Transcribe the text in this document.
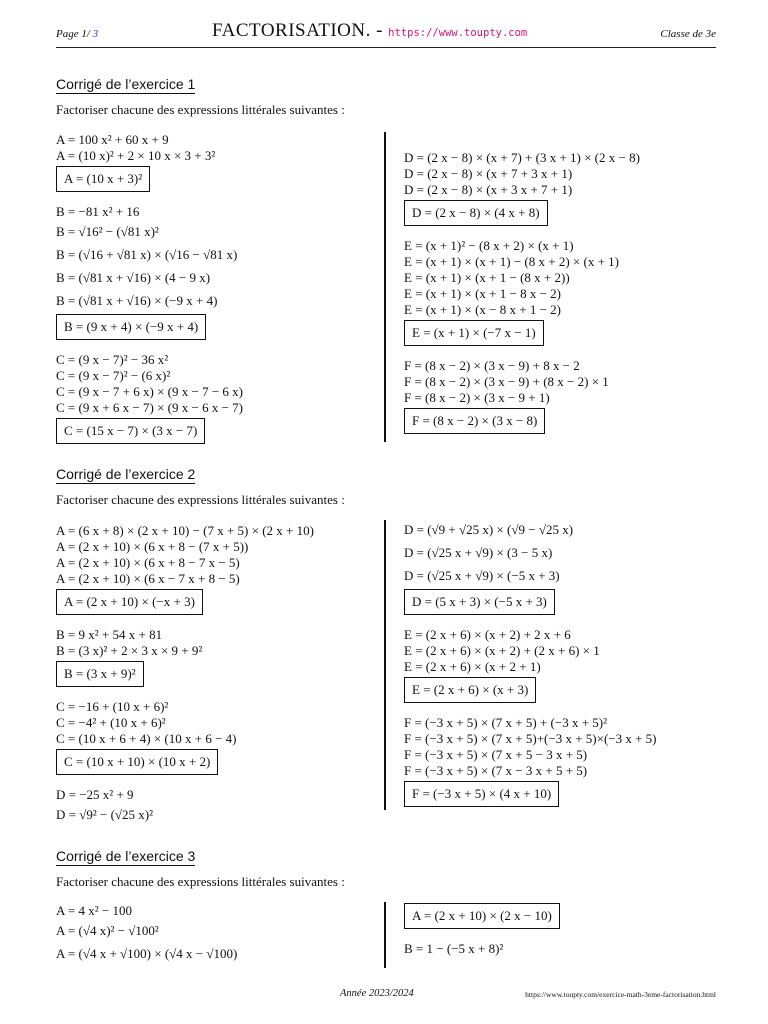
Page 1/ 3	FACTORISATION. - https://www.toupty.com	Classe de 3e
Corrigé de l’exercice 1
Factoriser chacune des expressions littérales suivantes :
A = 100 x² + 60 x + 9
A = (10 x)² + 2 × 10 x × 3 + 3²
A = (10 x + 3)²
B = −81 x² + 16
B = √16² − (√81 x)²
B = (√16 + √81 x) × (√16 − √81 x)
B = (√81 x + √16) × (4 − 9 x)
B = (√81 x + √16) × (−9 x + 4)
B = (9 x + 4) × (−9 x + 4)
C = (9 x − 7)² − 36 x²
C = (9 x − 7)² − (6 x)²
C = (9 x − 7 + 6 x) × (9 x − 7 − 6 x)
C = (9 x + 6 x − 7) × (9 x − 6 x − 7)
C = (15 x − 7) × (3 x − 7)
D = (2 x − 8) × (x + 7) + (3 x + 1) × (2 x − 8)
D = (2 x − 8) × (x + 7 + 3 x + 1)
D = (2 x − 8) × (x + 3 x + 7 + 1)
D = (2 x − 8) × (4 x + 8)
E = (x + 1)² − (8 x + 2) × (x + 1)
E = (x + 1) × (x + 1) − (8 x + 2) × (x + 1)
E = (x + 1) × (x + 1 − (8 x + 2))
E = (x + 1) × (x + 1 − 8 x − 2)
E = (x + 1) × (x − 8 x + 1 − 2)
E = (x + 1) × (−7 x − 1)
F = (8 x − 2) × (3 x − 9) + 8 x − 2
F = (8 x − 2) × (3 x − 9) + (8 x − 2) × 1
F = (8 x − 2) × (3 x − 9 + 1)
F = (8 x − 2) × (3 x − 8)
Corrigé de l’exercice 2
Factoriser chacune des expressions littérales suivantes :
A = (6 x + 8) × (2 x + 10) − (7 x + 5) × (2 x + 10)
A = (2 x + 10) × (6 x + 8 − (7 x + 5))
A = (2 x + 10) × (6 x + 8 − 7 x − 5)
A = (2 x + 10) × (6 x − 7 x + 8 − 5)
A = (2 x + 10) × (−x + 3)
B = 9 x² + 54 x + 81
B = (3 x)² + 2 × 3 x × 9 + 9²
B = (3 x + 9)²
C = −16 + (10 x + 6)²
C = −4² + (10 x + 6)²
C = (10 x + 6 + 4) × (10 x + 6 − 4)
C = (10 x + 10) × (10 x + 2)
D = −25 x² + 9
D = √9² − (√25 x)²
D = (√9 + √25 x) × (√9 − √25 x)
D = (√25 x + √9) × (3 − 5 x)
D = (√25 x + √9) × (−5 x + 3)
D = (5 x + 3) × (−5 x + 3)
E = (2 x + 6) × (x + 2) + 2 x + 6
E = (2 x + 6) × (x + 2) + (2 x + 6) × 1
E = (2 x + 6) × (x + 2 + 1)
E = (2 x + 6) × (x + 3)
F = (−3 x + 5) × (7 x + 5) + (−3 x + 5)²
F = (−3 x + 5) × (7 x + 5)+(−3 x + 5)×(−3 x + 5)
F = (−3 x + 5) × (7 x + 5 − 3 x + 5)
F = (−3 x + 5) × (7 x − 3 x + 5 + 5)
F = (−3 x + 5) × (4 x + 10)
Corrigé de l’exercice 3
Factoriser chacune des expressions littérales suivantes :
A = 4 x² − 100
A = (√4 x)² − √100²
A = (√4 x + √100) × (√4 x − √100)
A = (2 x + 10) × (2 x − 10)
B = 1 − (−5 x + 8)²
Année 2023/2024	https://www.toupty.com/exercice-math-3eme-factorisation.html
